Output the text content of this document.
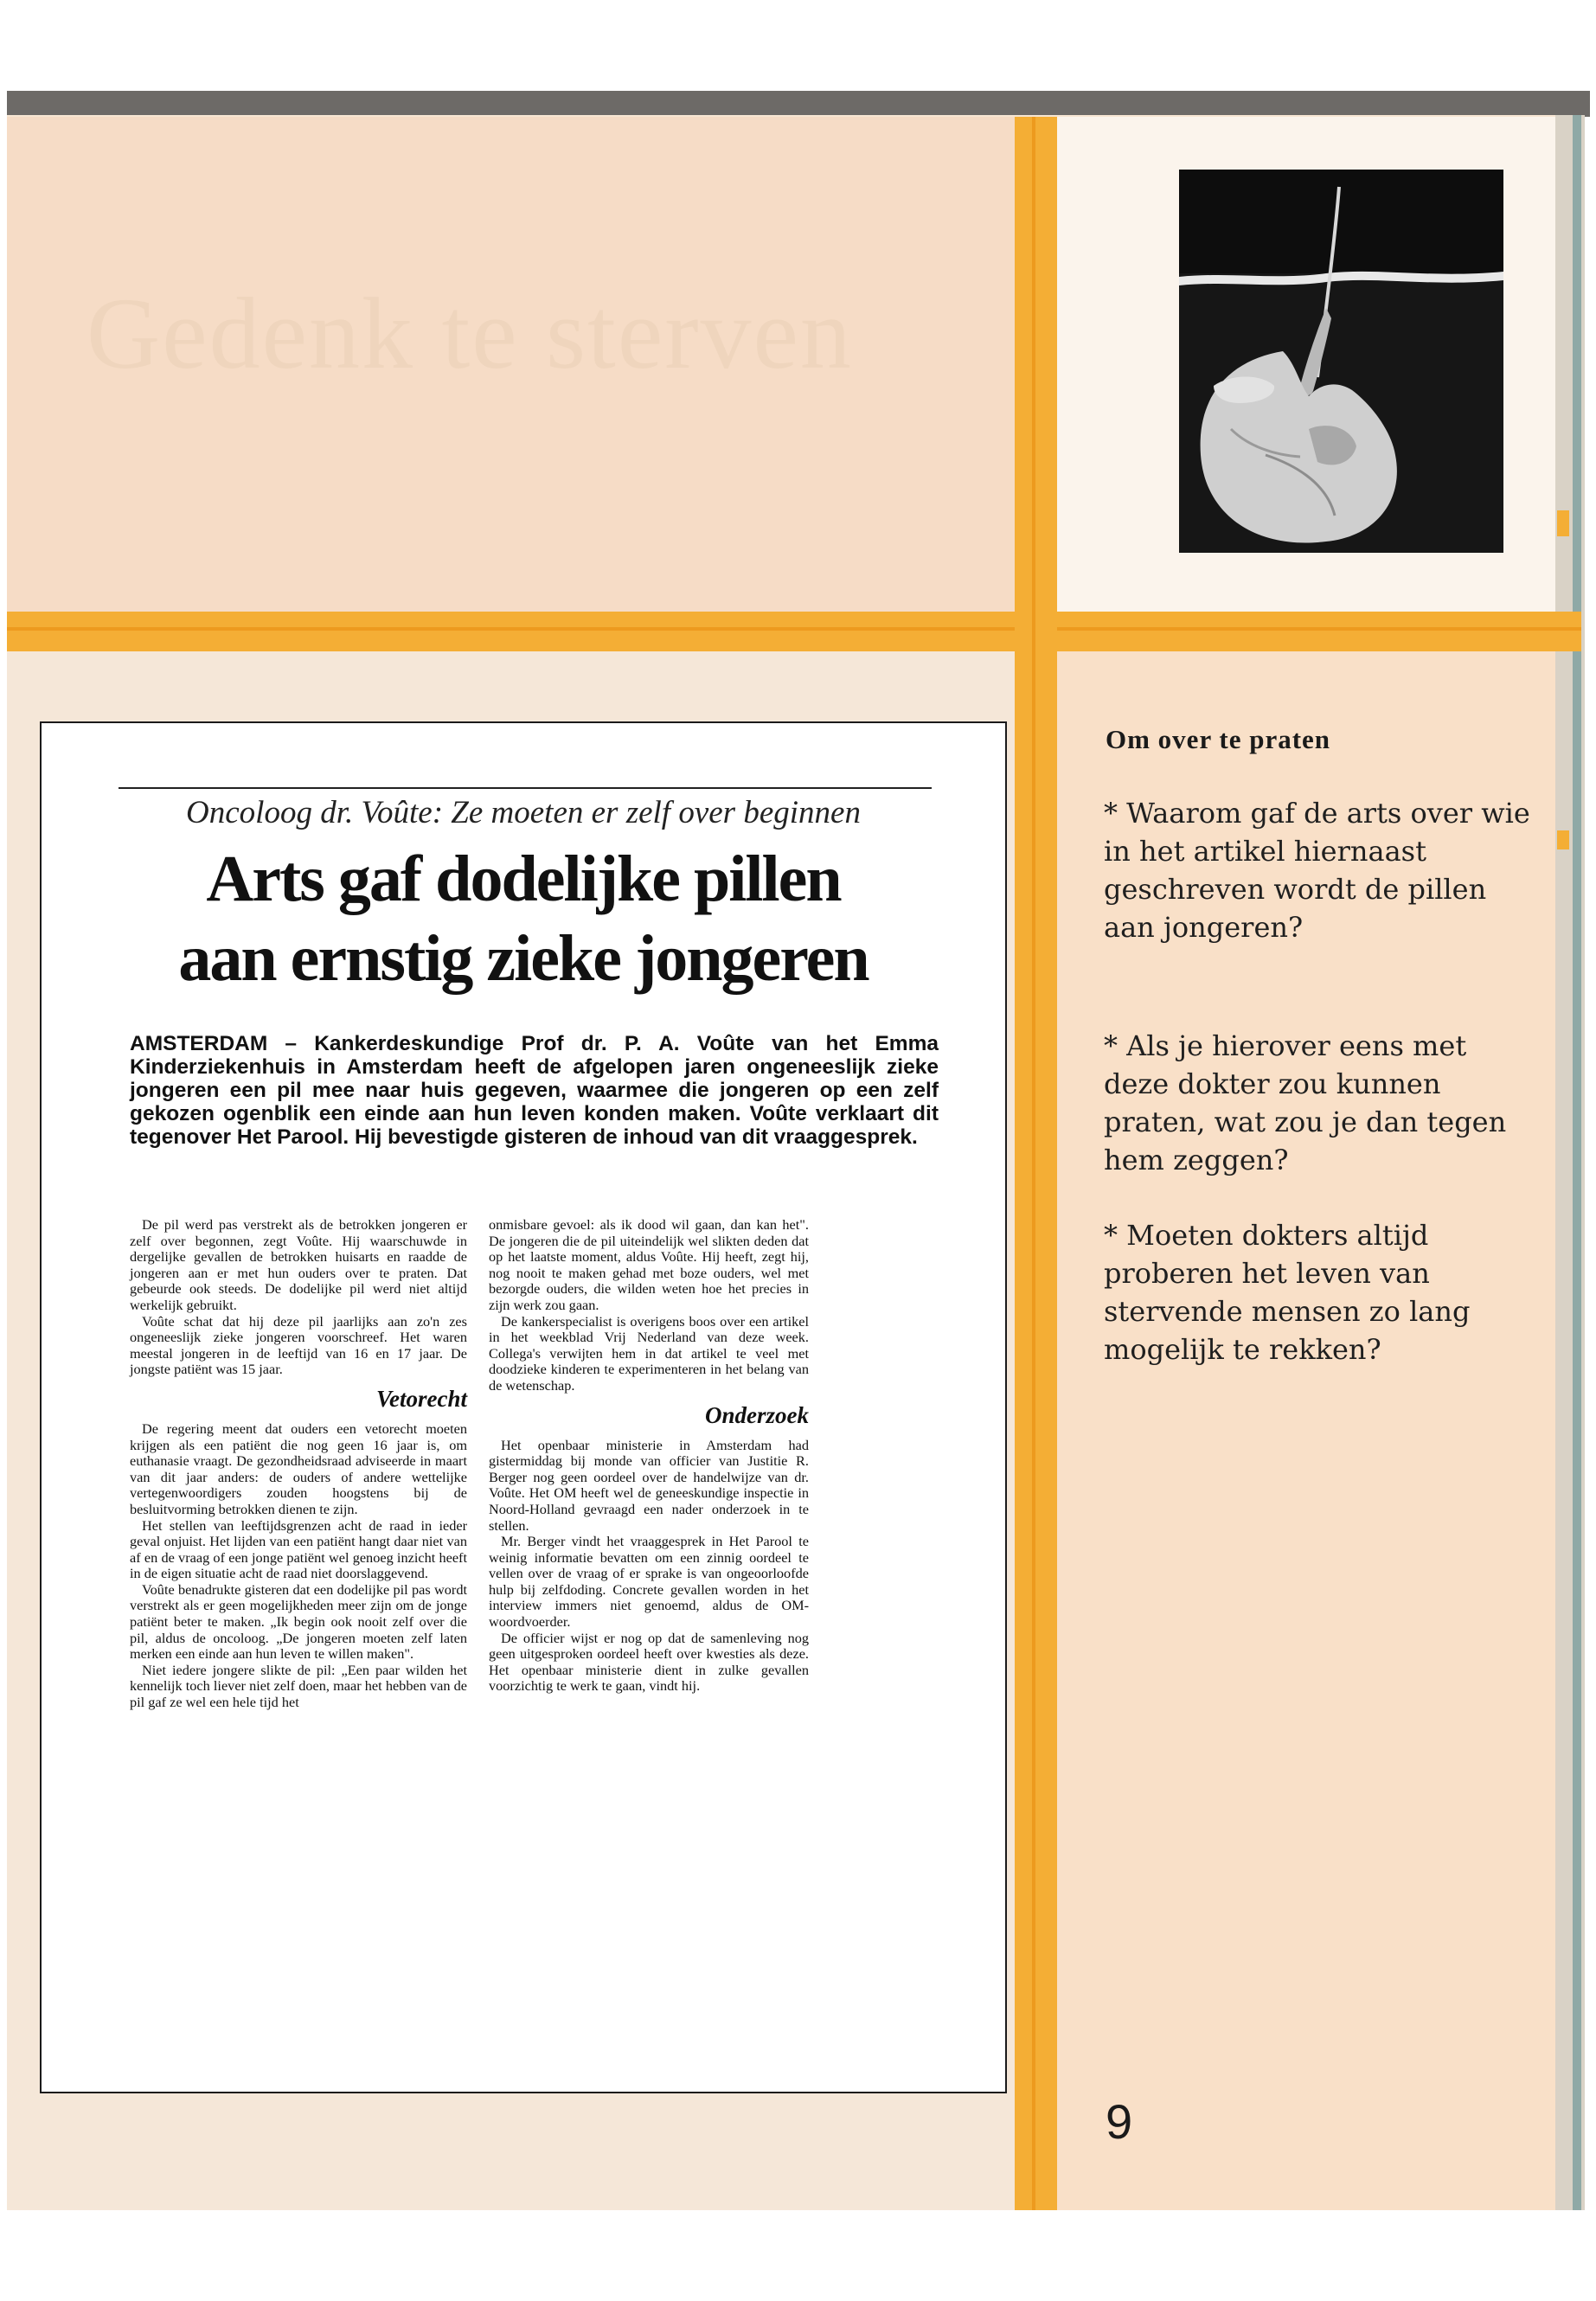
Gedenk te sterven
Oncoloog dr. Voûte: Ze moeten er zelf over beginnen
Arts gaf dodelijke pillen
aan ernstig zieke jongeren
AMSTERDAM – Kankerdeskundige Prof dr. P. A. Voûte van het Emma Kinderziekenhuis in Amsterdam heeft de afgelopen jaren ongeneeslijk zieke jongeren een pil mee naar huis gegeven, waarmee die jongeren op een zelf gekozen ogenblik een einde aan hun leven konden maken. Voûte verklaart dit tegenover Het Parool. Hij bevestigde gisteren de inhoud van dit vraaggesprek.

De pil werd pas verstrekt als de betrokken jongeren er zelf over begonnen, zegt Voûte. Hij waarschuwde in dergelijke gevallen de betrokken huisarts en raadde de jongeren aan er met hun ouders over te praten. Dat gebeurde ook steeds. De dodelijke pil werd niet altijd werkelijk gebruikt.

Voûte schat dat hij deze pil jaarlijks aan zo'n zes ongeneeslijk zieke jongeren voorschreef. Het waren meestal jongeren in de leeftijd van 16 en 17 jaar. De jongste patiënt was 15 jaar.

Vetorecht

De regering meent dat ouders een vetorecht moeten krijgen als een patiënt die nog geen 16 jaar is, om euthanasie vraagt. De gezondheidsraad adviseerde in maart van dit jaar anders: de ouders of andere wettelijke vertegenwoordigers zouden hoogstens bij de besluitvorming betrokken dienen te zijn.

Het stellen van leeftijdsgrenzen acht de raad in ieder geval onjuist. Het lijden van een patiënt hangt daar niet van af en de vraag of een jonge patiënt wel genoeg inzicht heeft in de eigen situatie acht de raad niet doorslaggevend.

Voûte benadrukte gisteren dat een dodelijke pil pas wordt verstrekt als er geen mogelijkheden meer zijn om de jonge patiënt beter te maken. „Ik begin ook nooit zelf over die pil, aldus de oncoloog. „De jongeren moeten zelf laten merken een einde aan hun leven te willen maken".

Niet iedere jongere slikte de pil: „Een paar wilden het kennelijk toch liever niet zelf doen, maar het hebben van de pil gaf ze wel een hele tijd het

onmisbare gevoel: als ik dood wil gaan, dan kan het". De jongeren die de pil uiteindelijk wel slikten deden dat op het laatste moment, aldus Voûte. Hij heeft, zegt hij, nog nooit te maken gehad met boze ouders, wel met bezorgde ouders, die wilden weten hoe het precies in zijn werk zou gaan.

De kankerspecialist is overigens boos over een artikel in het weekblad Vrij Nederland van deze week. Collega's verwijten hem in dat artikel te veel met doodzieke kinderen te experimenteren in het belang van de wetenschap.

Onderzoek

Het openbaar ministerie in Amsterdam had gistermiddag bij monde van officier van Justitie R. Berger nog geen oordeel over de handelwijze van dr. Voûte. Het OM heeft wel de geneeskundige inspectie in Noord-Holland gevraagd een nader onderzoek in te stellen.

Mr. Berger vindt het vraaggesprek in Het Parool te weinig informatie bevatten om een zinnig oordeel te vellen over de vraag of er sprake is van ongeoorloofde hulp bij zelfdoding. Concrete gevallen worden in het interview immers niet genoemd, aldus de OM-woordvoerder.

De officier wijst er nog op dat de samenleving nog geen uitgesproken oordeel heeft over kwesties als deze. Het openbaar ministerie dient in zulke gevallen voorzichtig te werk te gaan, vindt hij.

Om over te praten
* Waarom gaf de arts over wie in het artikel hiernaast geschreven wordt de pillen aan jongeren?
* Als je hierover eens met deze dokter zou kunnen praten, wat zou je dan tegen hem zeggen?
* Moeten dokters altijd proberen het leven van stervende mensen zo lang mogelijk te rekken?
9
